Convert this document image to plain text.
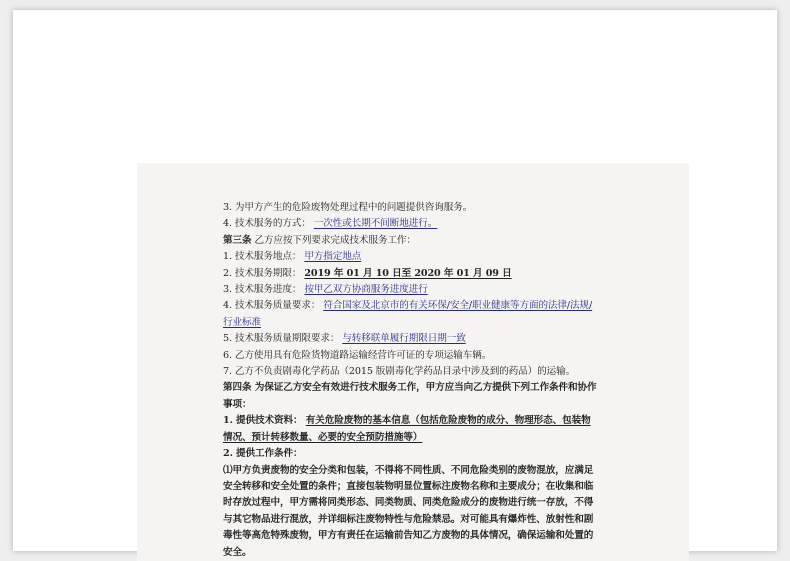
3. 为甲方产生的危险废物处理过程中的问题提供咨询服务。
4. 技术服务的方式： 一次性或长期不间断地进行。
第三条 乙方应按下列要求完成技术服务工作：
1. 技术服务地点： 甲方指定地点
2. 技术服务期限： 2019 年 01 月 10 日至 2020 年 01 月 09 日
3. 技术服务进度： 按甲乙双方协商服务进度进行
4. 技术服务质量要求： 符合国家及北京市的有关环保/安全/职业健康等方面的法律/法规/
行业标准
5. 技术服务质量期限要求： 与转移联单履行期限日期一致
6. 乙方使用具有危险货物道路运输经营许可证的专项运输车辆。
7. 乙方不负责剧毒化学药品（2015 版剧毒化学药品目录中涉及到的药品）的运输。
第四条 为保证乙方安全有效进行技术服务工作，甲方应当向乙方提供下列工作条件和协作
事项：
1. 提供技术资料： 有关危险废物的基本信息（包括危险废物的成分、物理形态、包装物
情况、预计转移数量、必要的安全预防措施等）
2. 提供工作条件：
⑴甲方负责废物的安全分类和包装，不得将不同性质、不同危险类别的废物混放，应满足
安全转移和安全处置的条件；直接包装物明显位置标注废物名称和主要成分；在收集和临
时存放过程中，甲方需将同类形态、同类物质、同类危险成分的废物进行统一存放，不得
与其它物品进行混放，并详细标注废物特性与危险禁忌。对可能具有爆炸性、放射性和剧
毒性等高危特殊废物，甲方有责任在运输前告知乙方废物的具体情况，确保运输和处置的
安全。
